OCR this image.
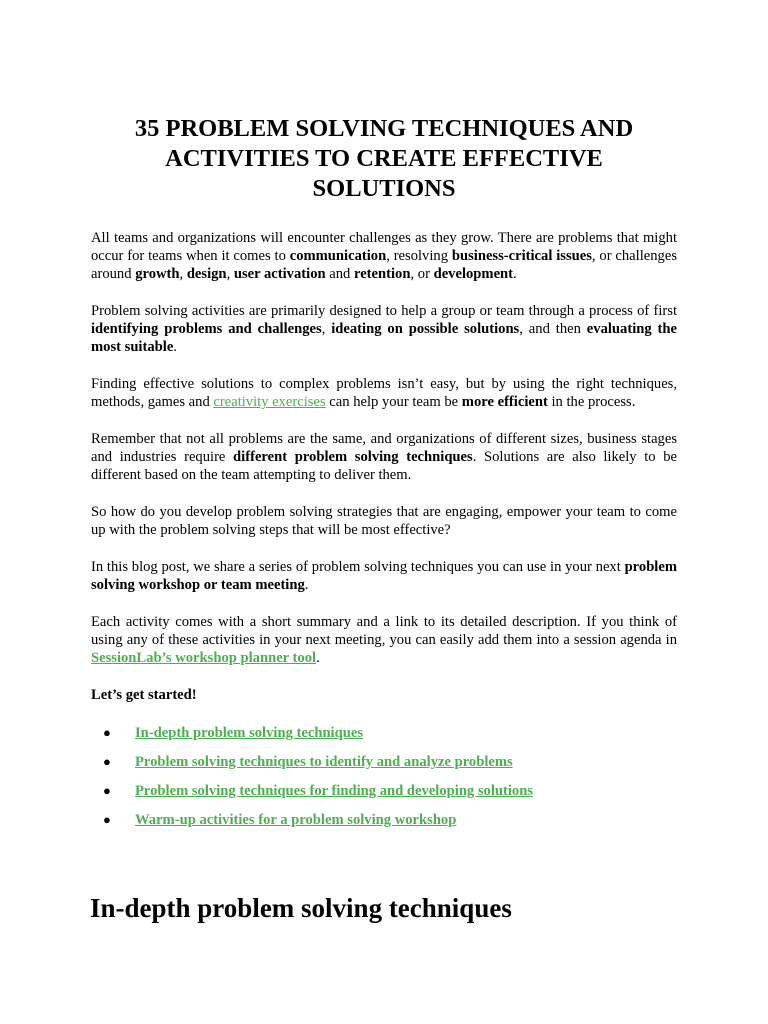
35 PROBLEM SOLVING TECHNIQUES AND ACTIVITIES TO CREATE EFFECTIVE SOLUTIONS

All teams and organizations will encounter challenges as they grow. There are problems that might occur for teams when it comes to communication, resolving business-critical issues, or challenges around growth, design, user activation and retention, or development.

Problem solving activities are primarily designed to help a group or team through a process of first identifying problems and challenges, ideating on possible solutions, and then evaluating the most suitable.

Finding effective solutions to complex problems isn’t easy, but by using the right techniques, methods, games and creativity exercises can help your team be more efficient in the process.

Remember that not all problems are the same, and organizations of different sizes, business stages and industries require different problem solving techniques. Solutions are also likely to be different based on the team attempting to deliver them.

So how do you develop problem solving strategies that are engaging, empower your team to come up with the problem solving steps that will be most effective?

In this blog post, we share a series of problem solving techniques you can use in your next problem solving workshop or team meeting.

Each activity comes with a short summary and a link to its detailed description. If you think of using any of these activities in your next meeting, you can easily add them into a session agenda in SessionLab’s workshop planner tool.

Let’s get started!

● In-depth problem solving techniques
● Problem solving techniques to identify and analyze problems
● Problem solving techniques for finding and developing solutions
● Warm-up activities for a problem solving workshop
In-depth problem solving techniques
